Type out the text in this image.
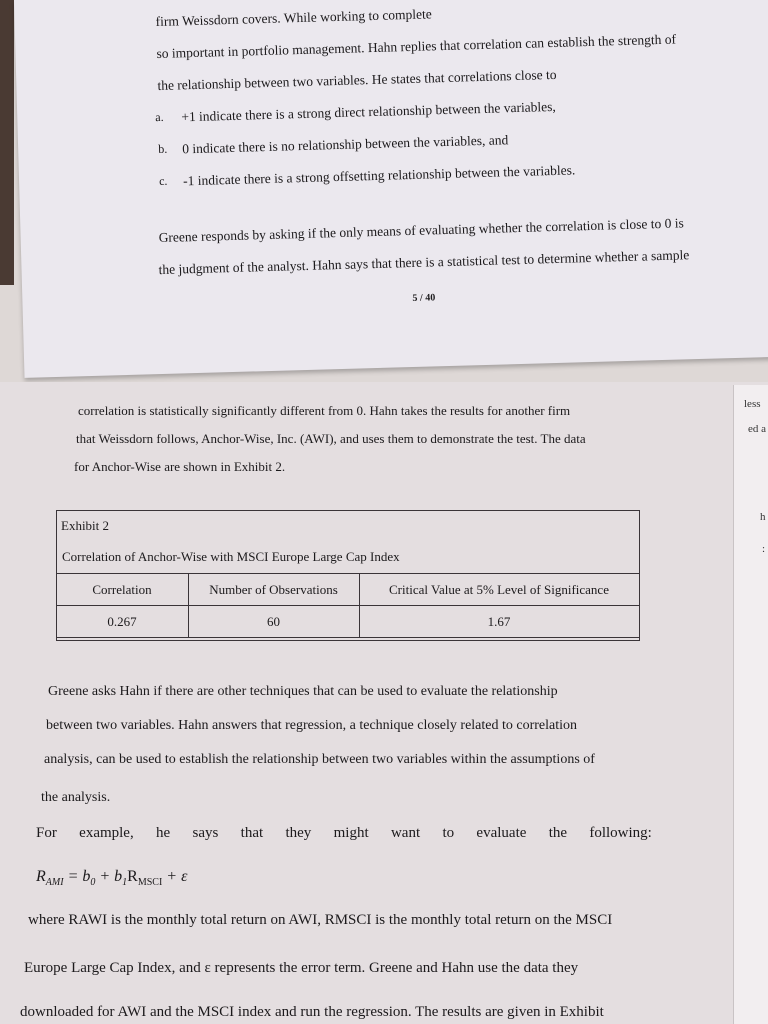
firm Weissdorn covers. While working to complete
so important in portfolio management. Hahn replies that correlation can establish the strength of
the relationship between two variables. He states that correlations close to
a. +1 indicate there is a strong direct relationship between the variables,
b. 0 indicate there is no relationship between the variables, and
c. -1 indicate there is a strong offsetting relationship between the variables.
Greene responds by asking if the only means of evaluating whether the correlation is close to 0 is
the judgment of the analyst. Hahn says that there is a statistical test to determine whether a sample
5 / 40
less
ed a
h
:
correlation is statistically significantly different from 0. Hahn takes the results for another firm
that Weissdorn follows, Anchor-Wise, Inc. (AWI), and uses them to demonstrate the test. The data
for Anchor-Wise are shown in Exhibit 2.
Exhibit 2
Correlation of Anchor-Wise with MSCI Europe Large Cap Index
Correlation	Number of Observations	Critical Value at 5% Level of Significance
0.267	60	1.67
Greene asks Hahn if there are other techniques that can be used to evaluate the relationship
between two variables. Hahn answers that regression, a technique closely related to correlation
analysis, can be used to establish the relationship between two variables within the assumptions of
the analysis.
For example, he says that they might want to evaluate the following:
$R_{AMI} = b_0 + b_1R_{MSCI} + \varepsilon$
where RAWI is the monthly total return on AWI, RMSCI is the monthly total return on the MSCI
Europe Large Cap Index, and ε represents the error term. Greene and Hahn use the data they
downloaded for AWI and the MSCI index and run the regression. The results are given in Exhibit
